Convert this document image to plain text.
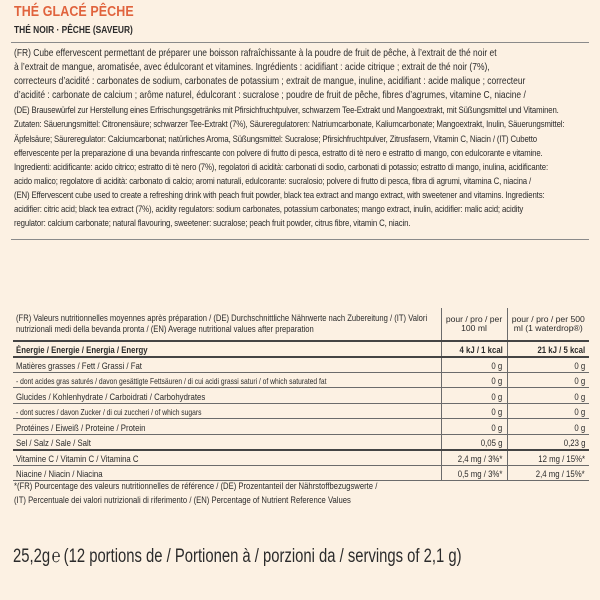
THÉ GLACÉ PÊCHE
THÉ NOIR · PÊCHE (SAVEUR)
(FR) Cube effervescent permettant de préparer une boisson rafraîchissante à la poudre de fruit de pêche, à l’extrait de thé noir et
à l’extrait de mangue, aromatisée, avec édulcorant et vitamines. Ingrédients : acidifiant : acide citrique ; extrait de thé noir (7%),
correcteurs d’acidité : carbonates de sodium, carbonates de potassium ; extrait de mangue, inuline, acidifiant : acide malique ; correcteur
d’acidité : carbonate de calcium ; arôme naturel, édulcorant : sucralose ; poudre de fruit de pêche, fibres d’agrumes, vitamine C, niacine /
(DE) Brausewürfel zur Herstellung eines Erfrischungsgetränks mit Pfirsichfruchtpulver, schwarzem Tee-Extrakt und Mangoextrakt, mit Süßungsmittel und Vitaminen.
Zutaten: Säuerungsmittel: Citronensäure; schwarzer Tee-Extrakt (7%), Säureregulatoren: Natriumcarbonate, Kaliumcarbonate; Mangoextrakt, Inulin, Säuerungsmittel:
Äpfelsäure; Säureregulator: Calciumcarbonat; natürliches Aroma, Süßungsmittel: Sucralose; Pfirsichfruchtpulver, Zitrusfasern, Vitamin C, Niacin / (IT) Cubetto
effervescente per la preparazione di una bevanda rinfrescante con polvere di frutto di pesca, estratto di tè nero e estratto di mango, con edulcorante e vitamine.
Ingredienti: acidificante: acido citrico; estratto di tè nero (7%), regolatori di acidità: carbonati di sodio, carbonati di potassio; estratto di mango, inulina, acidificante:
acido malico; regolatore di acidità: carbonato di calcio; aromi naturali, edulcorante: sucralosio; polvere di frutto di pesca, fibra di agrumi, vitamina C, niacina /
(EN) Effervescent cube used to create a refreshing drink with peach fruit powder, black tea extract and mango extract, with sweetener and vitamins. Ingredients:
acidifier: citric acid; black tea extract (7%), acidity regulators: sodium carbonates, potassium carbonates; mango extract, inulin, acidifier: malic acid; acidity
regulator: calcium carbonate; natural flavouring, sweetener: sucralose; peach fruit powder, citrus fibre, vitamin C, niacin.
(FR) Valeurs nutritionnelles moyennes après préparation / (DE) Durchschnittliche Nährwerte nach Zubereitung / (IT) Valori nutrizionali medi della bevanda pronta / (EN) Average nutritional values after preparation	pour / pro / per 100 ml	pour / pro / per 500 ml (1 waterdrop®)

Énergie / Energie / Energia / Energy	4 kJ / 1 kcal	21 kJ / 5 kcal
Matières grasses / Fett / Grassi / Fat	0 g	0 g
- dont acides gras saturés / davon gesättigte Fettsäuren / di cui acidi grassi saturi / of which saturated fat	0 g	0 g
Glucides / Kohlenhydrate / Carboidrati / Carbohydrates	0 g	0 g
- dont sucres / davon Zucker / di cui zuccheri / of which sugars	0 g	0 g
Protéines / Eiweiß / Proteine / Protein	0 g	0 g
Sel / Salz / Sale / Salt	0,05 g	0,23 g
Vitamine C / Vitamin C / Vitamina C	2,4 mg / 3%*	12 mg / 15%*
Niacine / Niacin / Niacina	0,5 mg / 3%*	2,4 mg / 15%*
*(FR) Pourcentage des valeurs nutritionnelles de référence / (DE) Prozentanteil der Nährstoffbezugswerte /
(IT) Percentuale dei valori nutrizionali di riferimento / (EN) Percentage of Nutrient Reference Values
25,2g℮ (12 portions de / Portionen à / porzioni da / servings of 2,1 g)
